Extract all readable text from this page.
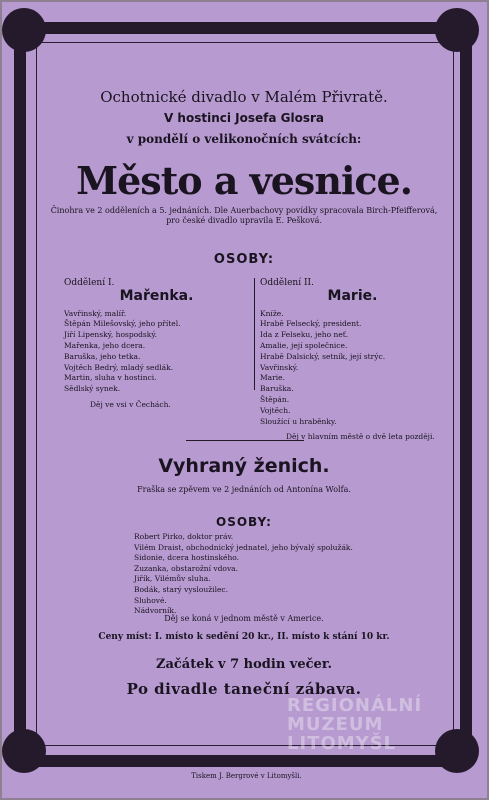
Ochotnické divadlo v Malém Přivratě.
V hostinci Josefa Glosra
v pondělí o velikonočních svátcích:
Město a vesnice.
Činohra ve 2 odděleních a 5. jednáních. Dle Auerbachovy povídky spracovala Birch-Pfeifferová,
pro české divadlo upravila E. Pešková.
OSOBY:
Oddělení I.
Mařenka.
Vavřinský, malíř.
Štěpán Milešovský, jeho přítel.
Jiří Lipenský, hospodský.
Mařenka, jeho dcera.
Baruška, jeho tetka.
Vojtěch Bedrý, mladý sedlák.
Martin, sluha v hostinci.
Sědlský synek.
Děj ve vsi v Čechách.
Oddělení II.
Marie.
Kníže.
Hrabě Felsecký, president.
Ida z Felseku, jeho neť.
Amalie, její společnice.
Hrabě Dalsický, setník, její strýc.
Vavřinský.
Marie.
Baruška.
Štěpán.
Vojtěch.
Sloužící u hraběnky.
Děj v hlavním městě o dvě leta později.
Vyhraný ženich.
Fraška se zpěvem ve 2 jednáních od Antonína Wolfa.
OSOBY:
Robert Pirko, doktor práv.
Vilém Draist, obchodnický jednatel, jeho bývalý spolužák.
Sidonie, dcera hostinského.
Zuzanka, obstarožní vdova.
Jiřík, Vilémův sluha.
Bodák, starý vysloužilec.
Sluhové.
Nádvorník.
Děj se koná v jednom městě v Americe.
Ceny míst: I. místo k sedění 20 kr., II. místo k stání 10 kr.
Začátek v 7 hodin večer.
Po divadle taneční zábava.
REGIONÁLNÍ
MUZEUM
LITOMYŠL
Tiskem J. Bergrové v Litomyšli.
